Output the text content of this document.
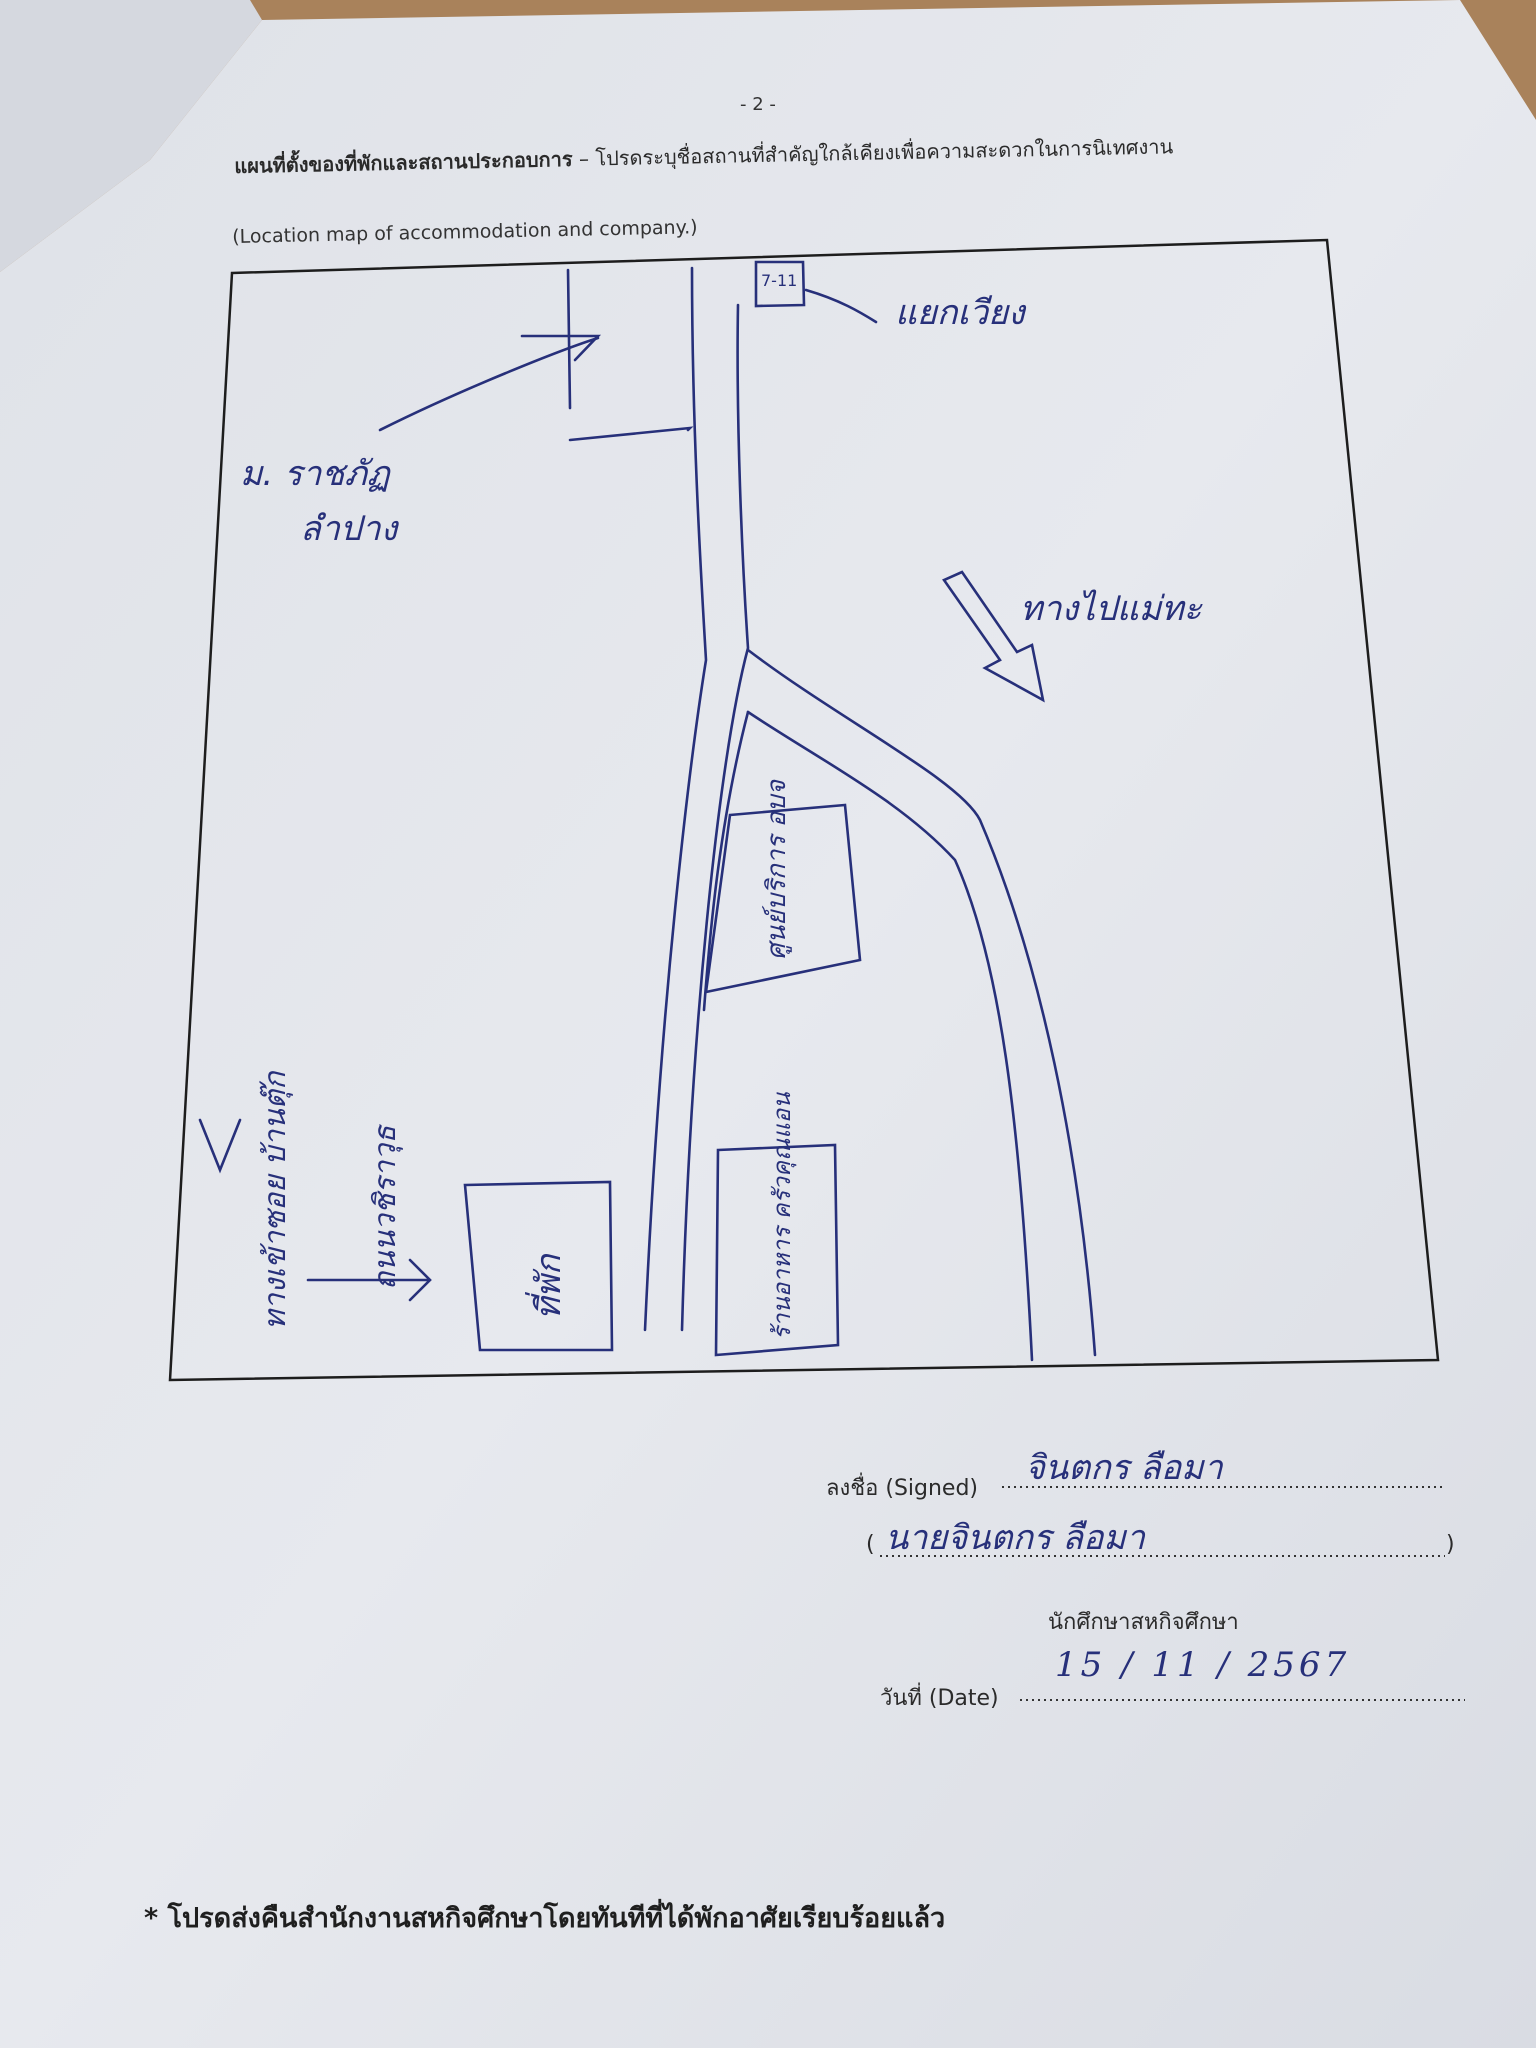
- 2 -
แผนที่ตั้งของที่พักและสถานประกอบการ – โปรดระบุชื่อสถานที่สำคัญใกล้เคียงเพื่อความสะดวกในการนิเทศงาน
(Location map of accommodation and company.)
7-11
แยกเวียง
ม. ราชภัฏ
ลำปาง
ทางไปแม่ทะ
ศูนย์บริการ อบจ
ร้านอาหาร ครัวคุณแอน
ที่พัก
ถนนวชิราวุธ
ทางเข้าซอย บ้านตุ๊ก
ลงชื่อ (Signed)
จินตกร ลือมา
( นายจินตกร ลือมา	)
นักศึกษาสหกิจศึกษา
วันที่ (Date)
15 / 11 / 2567
* โปรดส่งคืนสำนักงานสหกิจศึกษาโดยทันทีที่ได้พักอาศัยเรียบร้อยแล้ว
